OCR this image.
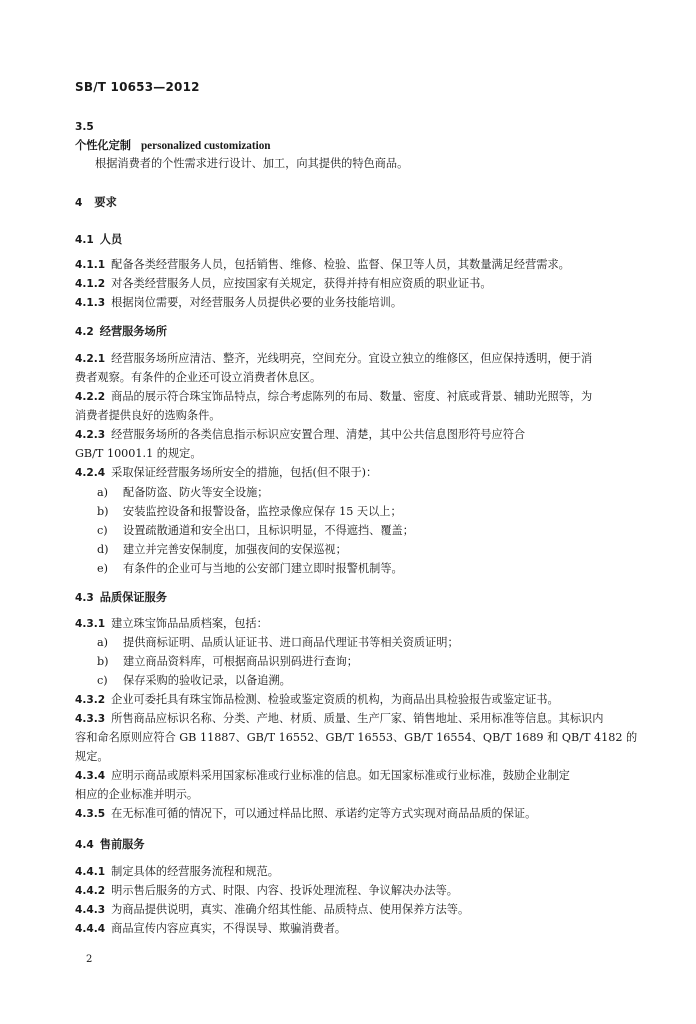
SB/T 10653—2012
3.5
个性化定制 personalized customization
根据消费者的个性需求进行设计、加工，向其提供的特色商品。
4 要求
4.1 人员
4.1.1 配备各类经营服务人员，包括销售、维修、检验、监督、保卫等人员，其数量满足经营需求。
4.1.2 对各类经营服务人员，应按国家有关规定，获得并持有相应资质的职业证书。
4.1.3 根据岗位需要，对经营服务人员提供必要的业务技能培训。
4.2 经营服务场所
4.2.1 经营服务场所应清洁、整齐，光线明亮，空间充分。宜设立独立的维修区，但应保持透明，便于消
费者观察。有条件的企业还可设立消费者休息区。
4.2.2 商品的展示符合珠宝饰品特点，综合考虑陈列的布局、数量、密度、衬底或背景、辅助光照等，为
消费者提供良好的选购条件。
4.2.3 经营服务场所的各类信息指示标识应安置合理、清楚，其中公共信息图形符号应符合
GB/T 10001.1 的规定。
4.2.4 采取保证经营服务场所安全的措施，包括(但不限于)：
a) 配备防盗、防火等安全设施；
b) 安装监控设备和报警设备，监控录像应保存 15 天以上；
c) 设置疏散通道和安全出口，且标识明显，不得遮挡、覆盖；
d) 建立并完善安保制度，加强夜间的安保巡视；
e) 有条件的企业可与当地的公安部门建立即时报警机制等。
4.3 品质保证服务
4.3.1 建立珠宝饰品品质档案，包括：
a) 提供商标证明、品质认证证书、进口商品代理证书等相关资质证明；
b) 建立商品资料库，可根据商品识别码进行查询；
c) 保存采购的验收记录，以备追溯。
4.3.2 企业可委托具有珠宝饰品检测、检验或鉴定资质的机构，为商品出具检验报告或鉴定证书。
4.3.3 所售商品应标识名称、分类、产地、材质、质量、生产厂家、销售地址、采用标准等信息。其标识内
容和命名原则应符合 GB 11887、GB/T 16552、GB/T 16553、GB/T 16554、QB/T 1689 和 QB/T 4182 的
规定。
4.3.4 应明示商品或原料采用国家标准或行业标准的信息。如无国家标准或行业标准，鼓励企业制定
相应的企业标准并明示。
4.3.5 在无标准可循的情况下，可以通过样品比照、承诺约定等方式实现对商品品质的保证。
4.4 售前服务
4.4.1 制定具体的经营服务流程和规范。
4.4.2 明示售后服务的方式、时限、内容、投诉处理流程、争议解决办法等。
4.4.3 为商品提供说明，真实、准确介绍其性能、品质特点、使用保养方法等。
4.4.4 商品宣传内容应真实，不得误导、欺骗消费者。
2
